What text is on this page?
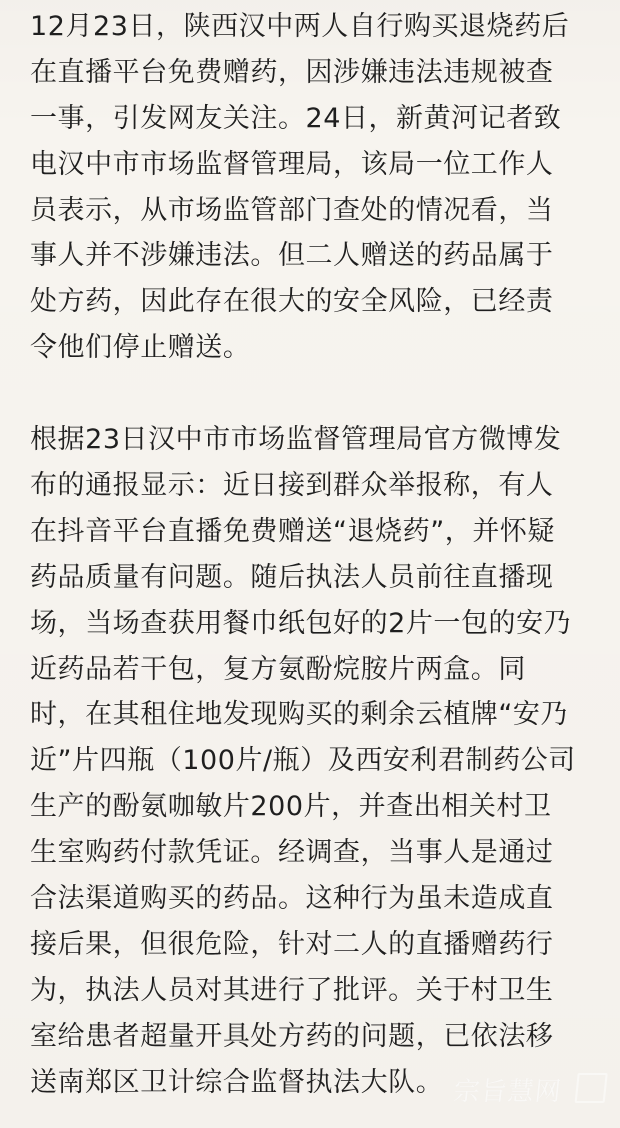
12月23日，陕西汉中两人自行购买退烧药后
在直播平台免费赠药，因涉嫌违法违规被查
一事，引发网友关注。24日，新黄河记者致
电汉中市市场监督管理局，该局一位工作人
员表示，从市场监管部门查处的情况看，当
事人并不涉嫌违法。但二人赠送的药品属于
处方药，因此存在很大的安全风险，已经责
令他们停止赠送。
根据23日汉中市市场监督管理局官方微博发
布的通报显示：近日接到群众举报称，有人
在抖音平台直播免费赠送“退烧药”，并怀疑
药品质量有问题。随后执法人员前往直播现
场，当场查获用餐巾纸包好的2片一包的安乃
近药品若干包，复方氨酚烷胺片两盒。同
时，在其租住地发现购买的剩余云植牌“安乃
近”片四瓶（100片/瓶）及西安利君制药公司
生产的酚氨咖敏片200片，并查出相关村卫
生室购药付款凭证。经调查，当事人是通过
合法渠道购买的药品。这种行为虽未造成直
接后果，但很危险，针对二人的直播赠药行
为，执法人员对其进行了批评。关于村卫生
室给患者超量开具处方药的问题，已依法移
送南郑区卫计综合监督执法大队。 宗旨慧网
